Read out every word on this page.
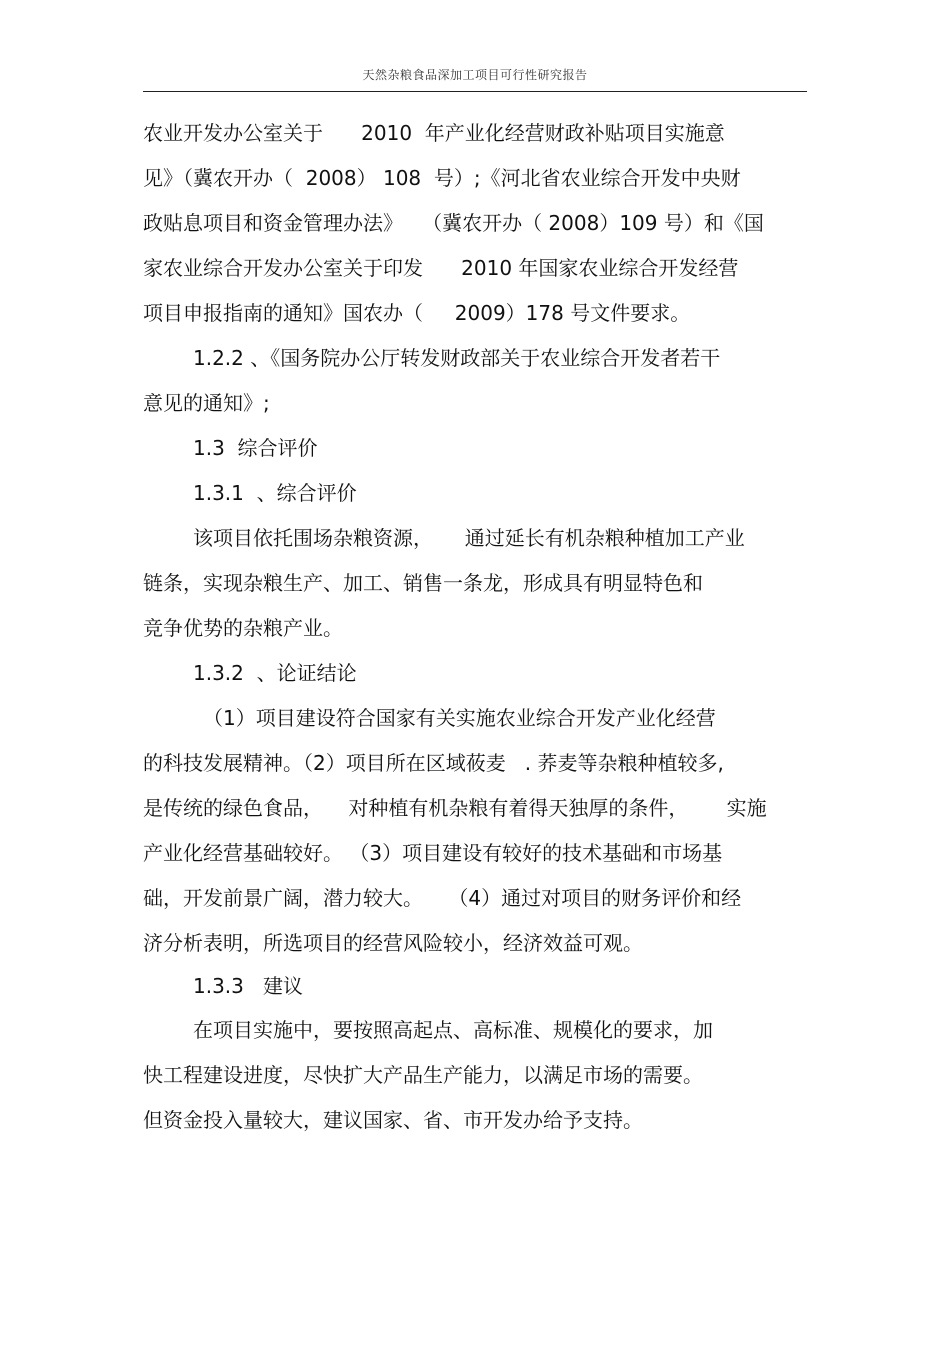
天然杂粮食品深加工项目可行性研究报告
农业开发办公室关于      2010  年产业化经营财政补贴项目实施意
见》（冀农开办（  2008） 108  号）;《河北省农业综合开发中央财
政贴息项目和资金管理办法》   （冀农开办（ 2008）109 号）和《国
家农业综合开发办公室关于印发      2010 年国家农业综合开发经营
项目申报指南的通知》国农办（     2009）178 号文件要求。
1.2.2 、《国务院办公厅转发财政部关于农业综合开发者若干
意见的通知》;
1.3  综合评价
1.3.1  、综合评价
该项目依托围场杂粮资源，     通过延长有机杂粮种植加工产业
链条，实现杂粮生产、加工、销售一条龙，形成具有明显特色和
竞争优势的杂粮产业。
1.3.2  、论证结论
（1）项目建设符合国家有关实施农业综合开发产业化经营
的科技发展精神。（2）项目所在区域莜麦   . 荞麦等杂粮种植较多,
是传统的绿色食品，    对种植有机杂粮有着得天独厚的条件，      实施
产业化经营基础较好。 （3）项目建设有较好的技术基础和市场基
础，开发前景广阔，潜力较大。    （4）通过对项目的财务评价和经
济分析表明，所选项目的经营风险较小，经济效益可观。
1.3.3   建议
在项目实施中，要按照高起点、高标准、规模化的要求，加
快工程建设进度，尽快扩大产品生产能力，以满足市场的需要。
但资金投入量较大，建议国家、省、市开发办给予支持。
